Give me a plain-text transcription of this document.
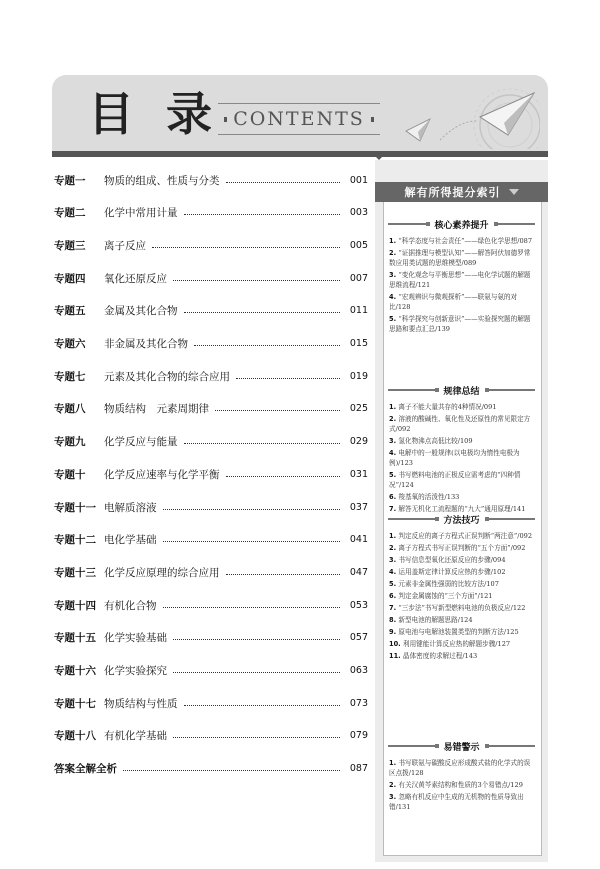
目 录 CONTENTS
专题一	物质的组成、性质与分类	001
专题二	化学中常用计量	003
专题三	离子反应	005
专题四	氧化还原反应	007
专题五	金属及其化合物	011
专题六	非金属及其化合物	015
专题七	元素及其化合物的综合应用	019
专题八	物质结构　元素周期律	025
专题九	化学反应与能量	029
专题十	化学反应速率与化学平衡	031
专题十一 电解质溶液	037
专题十二 电化学基础	041
专题十三 化学反应原理的综合应用	047
专题十四 有机化合物	053
专题十五 化学实验基础	057
专题十六 化学实验探究	063
专题十七 物质结构与性质	073
专题十八 有机化学基础	079
答案全解全析	087
解有所得提分索引
核心素养提升
1. “科学态度与社会责任”——绿色化学思想/087
2. “证据推理与模型认知”——解答阿伏加德罗常数应用类试题的思维模型/089
3. “变化观念与平衡思想”——电化学试题的解题思维流程/121
4. “宏观辨识与微观探析”——联氨与氨的对比/128
5. “科学探究与创新意识”——实验探究题的解题思路和要点汇总/139
规律总结
1. 离子不能大量共存的4种情况/091
2. 溶液的酸碱性、氧化性及还原性的常见限定方式/092
3. 氢化物沸点高低比较/109
4. 电解中的一般规律(以电极均为惰性电极为例)/123
5. 书写燃料电池的正极反应需考虑的“四种情况”/124
6. 羧基氧的活泼性/133
7. 解答无机化工流程题的“九大”通用原理/141
方法技巧
1. 判定反应的离子方程式正误判断“两注意”/092
2. 离子方程式书写正误判断的“五个方面”/092
3. 书写信息型氧化还原反应的步骤/094
4. 运用盖斯定律计算反应热的步骤/102
5. 元素非金属性强弱的比较方法/107
6. 判定金属腐蚀的“三个方面”/121
7. “三步法”书写新型燃料电池的负极反应/122
8. 新型电池的解题思路/124
9. 原电池与电解池装置类型的判断方法/125
10. 利用键能计算反应热的解题步骤/127
11. 晶体密度的求解过程/143
易错警示
1. 书写联氨与碳酸反应形成酸式盐的化学式的误区点拨/128
2. 有关汉黄芩素结构和性质的3个易错点/129
3. 忽略有机反应中生成的无机物的性质导致出错/131
